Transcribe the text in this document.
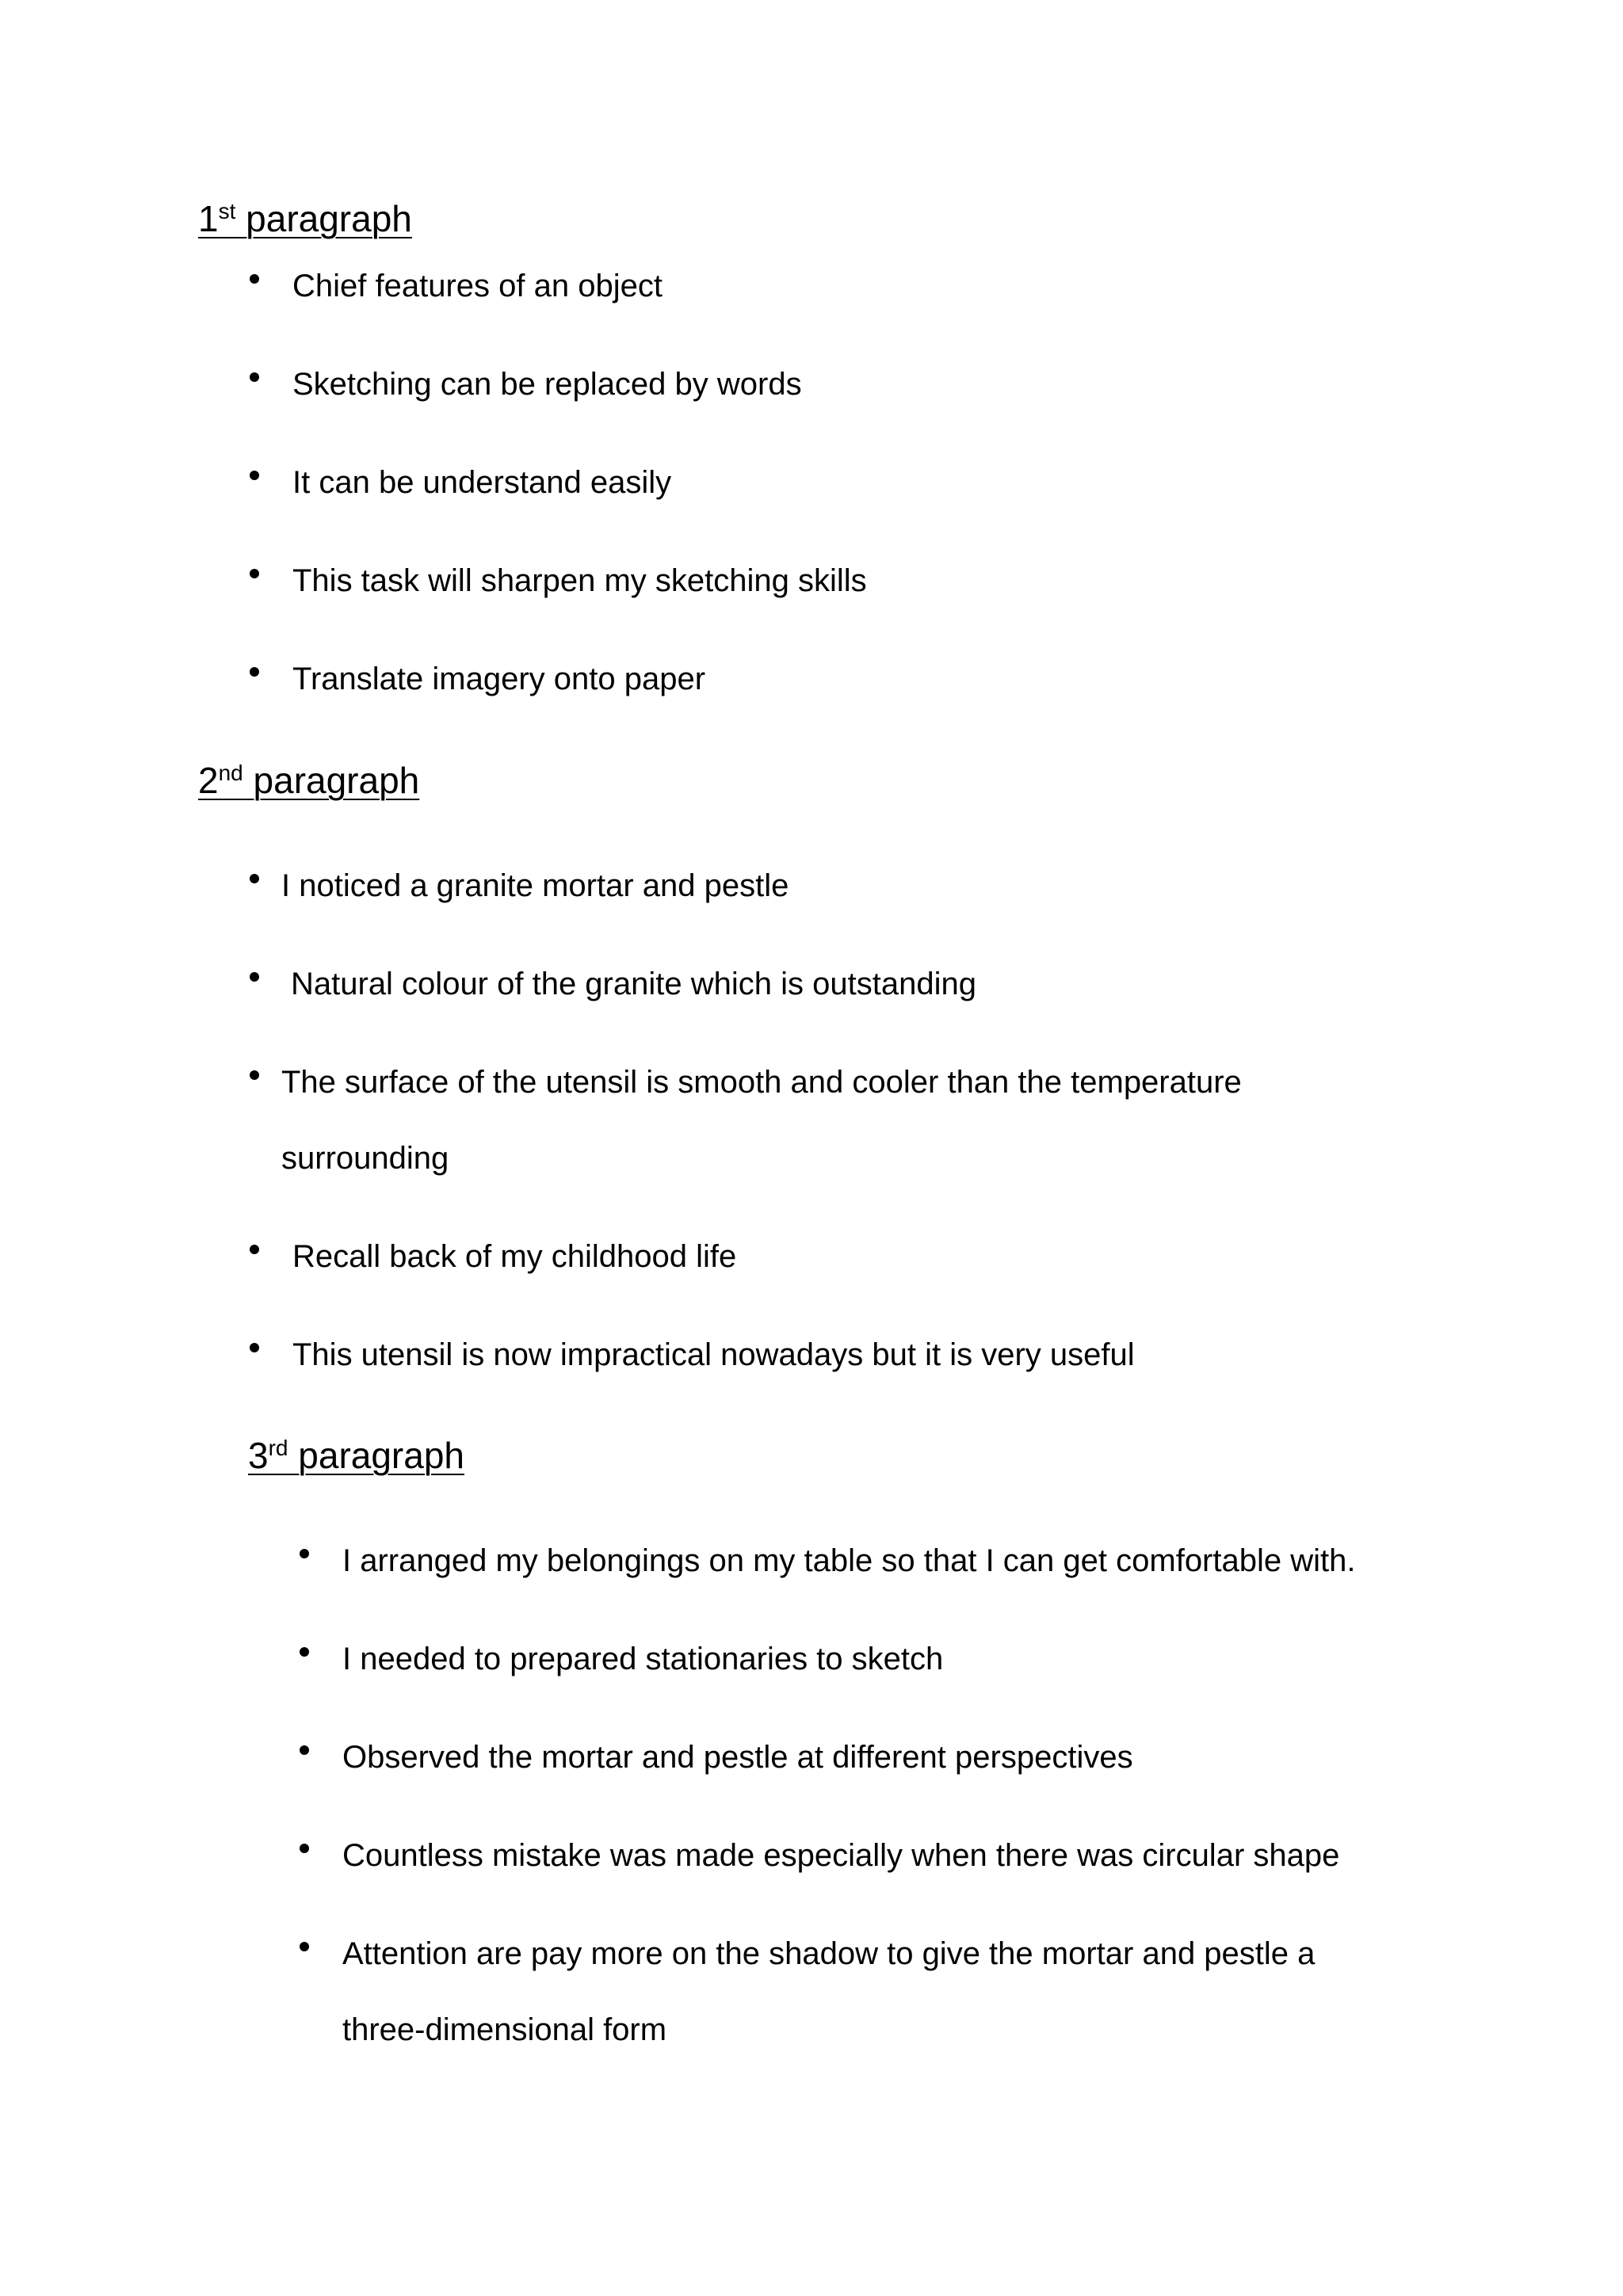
1st paragraph
Chief features of an object
Sketching can be replaced by words
It can be understand easily
This task will sharpen my sketching skills
Translate imagery onto paper
2nd paragraph
I noticed a granite mortar and pestle
Natural colour of the granite which is outstanding
The surface of the utensil is smooth and cooler than the temperature
surrounding
Recall back of my childhood life
This utensil is now impractical nowadays but it is very useful
3rd paragraph
I arranged my belongings on my table so that I can get comfortable with.
I needed to prepared stationaries to sketch
Observed the mortar and pestle at different perspectives
Countless mistake was made especially when there was circular shape
Attention are pay more on the shadow to give the mortar and pestle a
three-dimensional form
